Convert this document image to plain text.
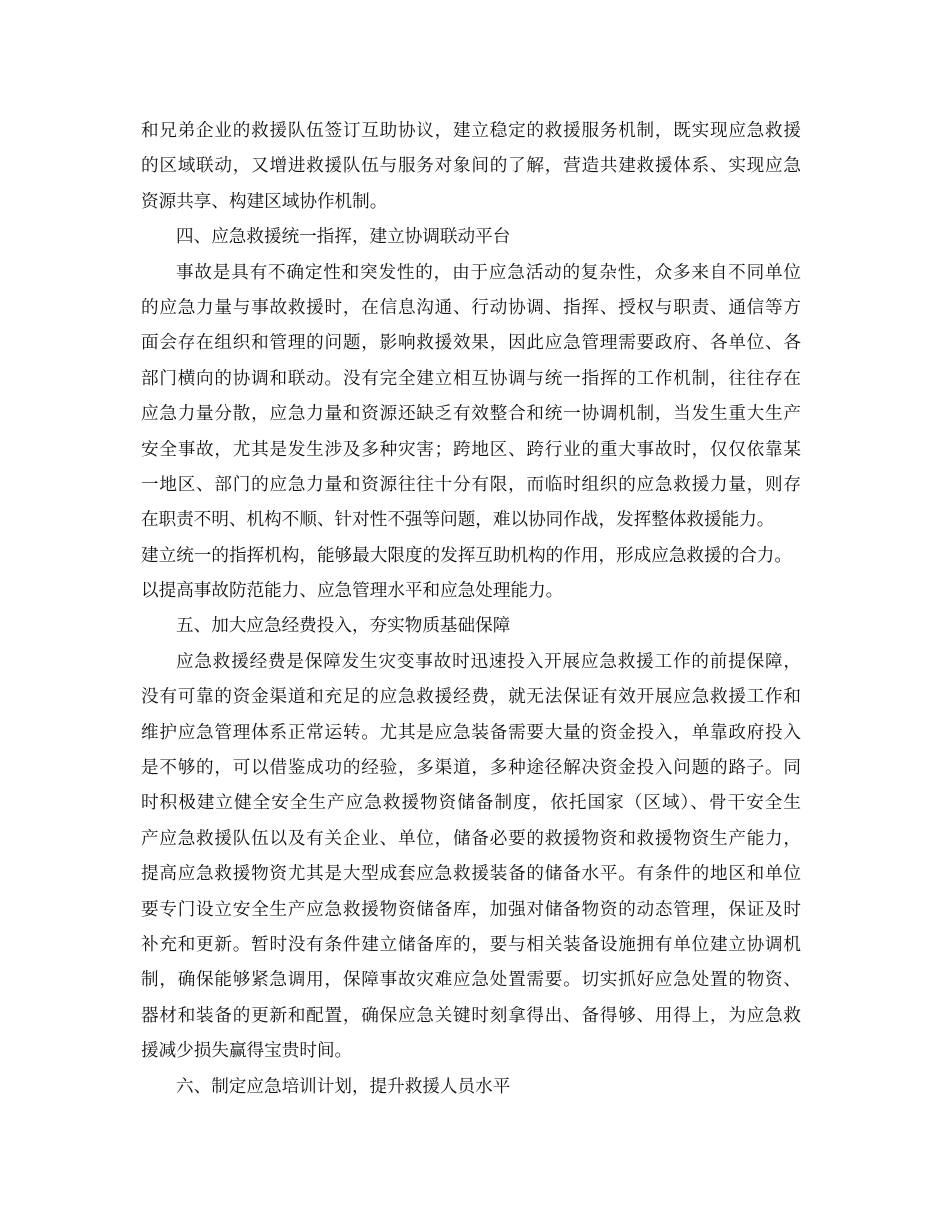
和兄弟企业的救援队伍签订互助协议，建立稳定的救援服务机制，既实现应急救援
的区域联动，又增进救援队伍与服务对象间的了解，营造共建救援体系、实现应急
资源共享、构建区域协作机制。
四、应急救援统一指挥，建立协调联动平台
事故是具有不确定性和突发性的，由于应急活动的复杂性，众多来自不同单位
的应急力量与事故救援时，在信息沟通、行动协调、指挥、授权与职责、通信等方
面会存在组织和管理的问题，影响救援效果，因此应急管理需要政府、各单位、各
部门横向的协调和联动。没有完全建立相互协调与统一指挥的工作机制，往往存在
应急力量分散，应急力量和资源还缺乏有效整合和统一协调机制，当发生重大生产
安全事故，尤其是发生涉及多种灾害；跨地区、跨行业的重大事故时，仅仅依靠某
一地区、部门的应急力量和资源往往十分有限，而临时组织的应急救援力量，则存
在职责不明、机构不顺、针对性不强等问题，难以协同作战，发挥整体救援能力。
建立统一的指挥机构，能够最大限度的发挥互助机构的作用，形成应急救援的合力。
以提高事故防范能力、应急管理水平和应急处理能力。
五、加大应急经费投入，夯实物质基础保障
应急救援经费是保障发生灾变事故时迅速投入开展应急救援工作的前提保障，
没有可靠的资金渠道和充足的应急救援经费，就无法保证有效开展应急救援工作和
维护应急管理体系正常运转。尤其是应急装备需要大量的资金投入，单靠政府投入
是不够的，可以借鉴成功的经验，多渠道，多种途径解决资金投入问题的路子。同
时积极建立健全安全生产应急救援物资储备制度，依托国家（区域）、骨干安全生
产应急救援队伍以及有关企业、单位，储备必要的救援物资和救援物资生产能力，
提高应急救援物资尤其是大型成套应急救援装备的储备水平。有条件的地区和单位
要专门设立安全生产应急救援物资储备库，加强对储备物资的动态管理，保证及时
补充和更新。暂时没有条件建立储备库的，要与相关装备设施拥有单位建立协调机
制，确保能够紧急调用，保障事故灾难应急处置需要。切实抓好应急处置的物资、
器材和装备的更新和配置，确保应急关键时刻拿得出、备得够、用得上，为应急救
援减少损失赢得宝贵时间。
六、制定应急培训计划，提升救援人员水平
